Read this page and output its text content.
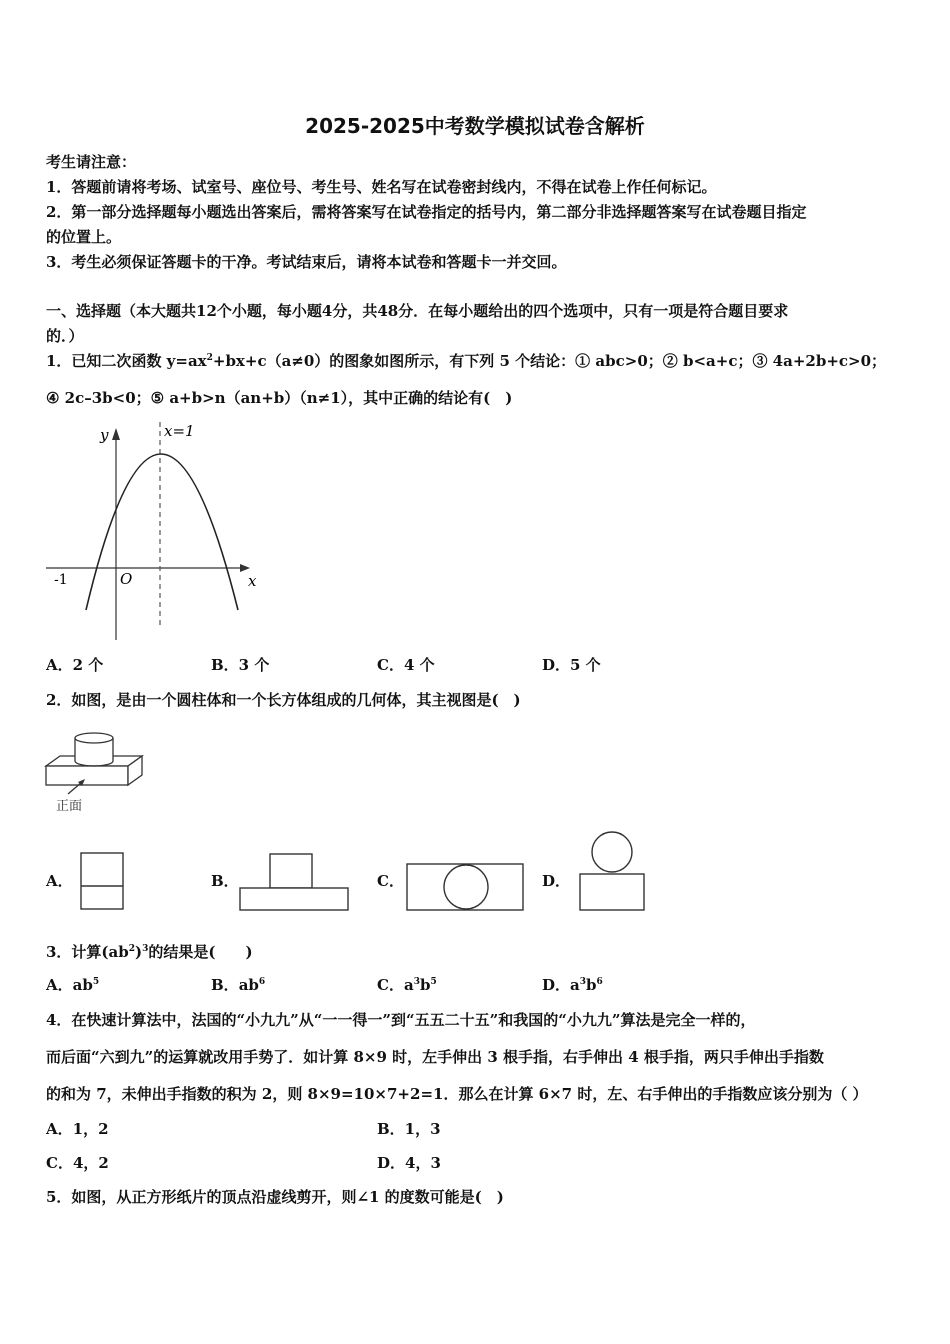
2025-2025中考数学模拟试卷含解析
考生请注意：
1．答题前请将考场、试室号、座位号、考生号、姓名写在试卷密封线内，不得在试卷上作任何标记。
2．第一部分选择题每小题选出答案后，需将答案写在试卷指定的括号内，第二部分非选择题答案写在试卷题目指定
的位置上。
3．考生必须保证答题卡的干净。考试结束后，请将本试卷和答题卡一并交回。
一、选择题（本大题共12个小题，每小题4分，共48分．在每小题给出的四个选项中，只有一项是符合题目要求
的．）
1．已知二次函数 $y=ax^2+bx+c(a\ne 0)$的图象如图所示，有下列 5 个结论：① abc>0；② b<a+c；③ 4a+2b+c>0；
④ 2c–3b<0；⑤ a+b>n（an+b）（n≠1），其中正确的结论有(　)
y
x
O
-1
x=1
A．2 个	B．3 个	C．4 个	D．5 个
2．如图，是由一个圆柱体和一个长方体组成的几何体，其主视图是(　)
正面
A．	B．	C．	D．
3．计算$(ab^2)^3$的结果是(　　)
A．$ab^5$	B．$ab^6$	C．$a^3b^5$	D．$a^3b^6$
4．在快速计算法中，法国的“小九九”从“一一得一”到“五五二十五”和我国的“小九九”算法是完全一样的，
而后面“六到九”的运算就改用手势了．如计算 8×9 时，左手伸出 3 根手指，右手伸出 4 根手指，两只手伸出手指数
的和为 7，未伸出手指数的积为 2，则 8×9=10×7+2=1．那么在计算 6×7 时，左、右手伸出的手指数应该分别为（ ）
A．1，2	B．1，3
C．4，2	D．4，3
5．如图，从正方形纸片的顶点沿虚线剪开，则∠1 的度数可能是(　)
